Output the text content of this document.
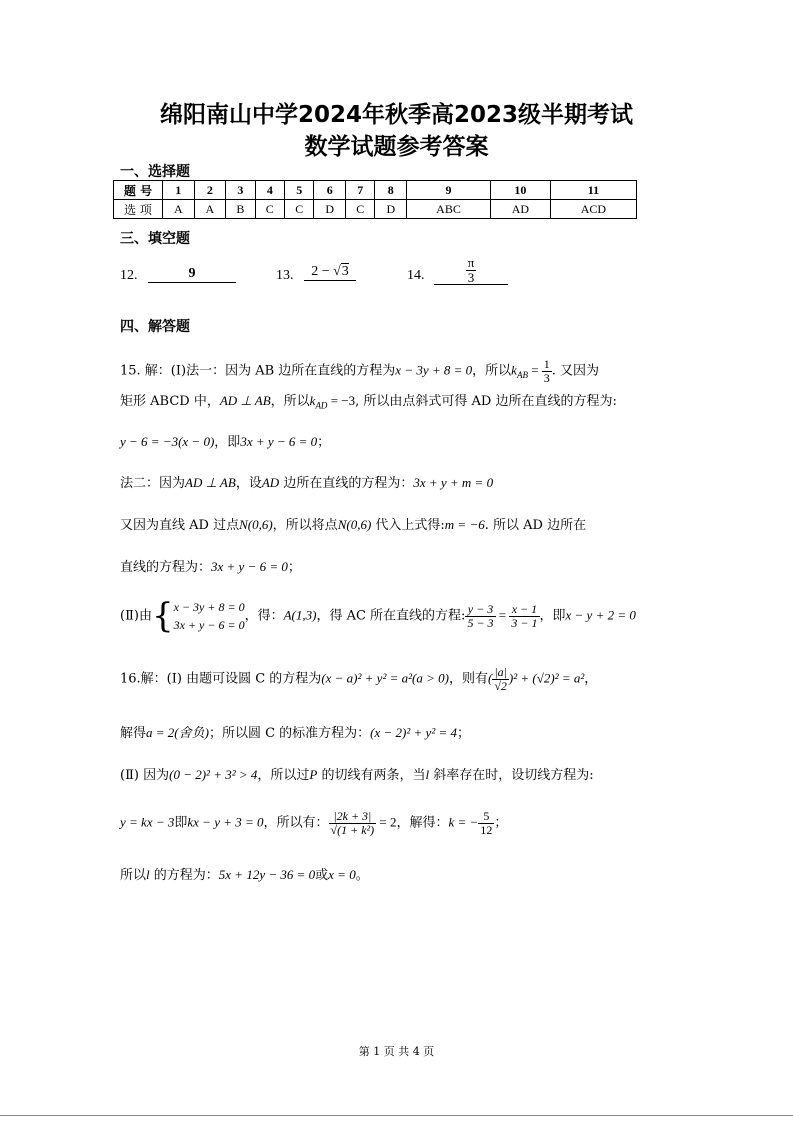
绵阳南山中学2024年秋季高2023级半期考试
数学试题参考答案
一、选择题
题 号	1	2	3	4	5	6	7	8	9	10	11
选 项	A	A	B	C	C	D	C	D	ABC	AD	ACD
三、填空题
12.	9	13.	2 − √3	14.	$\frac{\pi}{3}$
四、解答题
15. 解：(Ⅰ)法一：因为 AB 边所在直线的方程为x − 3y + 8 = 0，所以$k_{AB} = \frac{1}{3}$ . 又因为
矩形 ABCD 中，AD ⊥ AB，所以$k_{AD} = -3$, 所以由点斜式可得 AD 边所在直线的方程为:
y − 6 = −3(x − 0)，即3x + y − 6 = 0；
法二：因为AD ⊥ AB，设AD 边所在直线的方程为：3x + y + m = 0
又因为直线 AD 过点N(0,6)，所以将点N(0,6) 代入上式得:m = −6. 所以 AD 边所在
直线的方程为：3x + y − 6 = 0；
(Ⅱ)由{ x − 3y + 8 = 0
3x + y − 6 = 0
，得：A(1,3)，得 AC 所在直线的方程: $\frac{y - 3}{5 - 3} = \frac{x - 1}{3 - 1}$ ，即x − y + 2 = 0
16.解：(Ⅰ) 由题可设圆 C 的方程为(x − a)² + y² = a²(a > 0)，则有( $\frac{|a|}{√2} )^2 + (√2)^2 = a^2$，
解得a = 2(舍负)；所以圆 C 的标准方程为：(x − 2)² + y² = 4；
(Ⅱ) 因为(0 − 2)² + 3² > 4，所以过P 的切线有两条，当l 斜率存在时，设切线方程为:
y = kx − 3即kx − y + 3 = 0，所以有： $\frac{|2k + 3|}{\text{√(1 + k²)}} = 2$，解得：k = − $\frac{5}{12}$ ；
所以l 的方程为：5x + 12y − 36 = 0或x = 0。
第 1 页 共 4 页
